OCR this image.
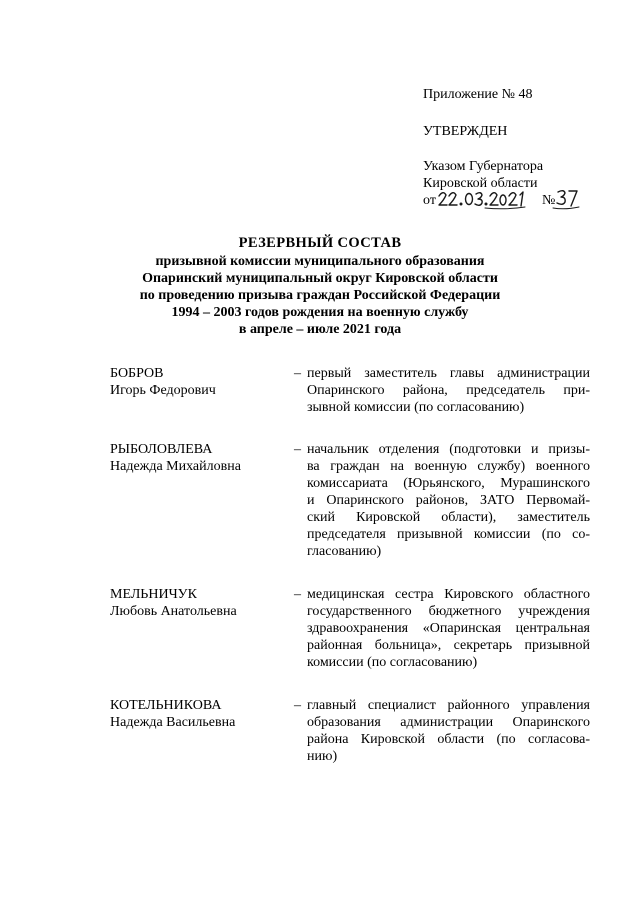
Приложение № 48
УТВЕРЖДЕН
Указом Губернатора
Кировской области
от	№
РЕЗЕРВНЫЙ СОСТАВ
призывной комиссии муниципального образования
Опаринский муниципальный округ Кировской области
по проведению призыва граждан Российской Федерации
1994 – 2003 годов рождения на военную службу
в апреле – июле 2021 года
БОБРОВ
Игорь Федорович
– первый заместитель главы администрации
Опаринского района, председатель при-
зывной комиссии (по согласованию)
РЫБОЛОВЛЕВА
Надежда Михайловна
– начальник отделения (подготовки и призы-
ва граждан на военную службу) военного
комиссариата (Юрьянского, Мурашинского
и Опаринского районов, ЗАТО Первомай-
ский Кировской области), заместитель
председателя призывной комиссии (по со-
гласованию)
МЕЛЬНИЧУК
Любовь Анатольевна
– медицинская сестра Кировского областного
государственного бюджетного учреждения
здравоохранения «Опаринская центральная
районная больница», секретарь призывной
комиссии (по согласованию)
КОТЕЛЬНИКОВА
Надежда Васильевна
– главный специалист районного управления
образования администрации Опаринского
района Кировской области (по согласова-
нию)
